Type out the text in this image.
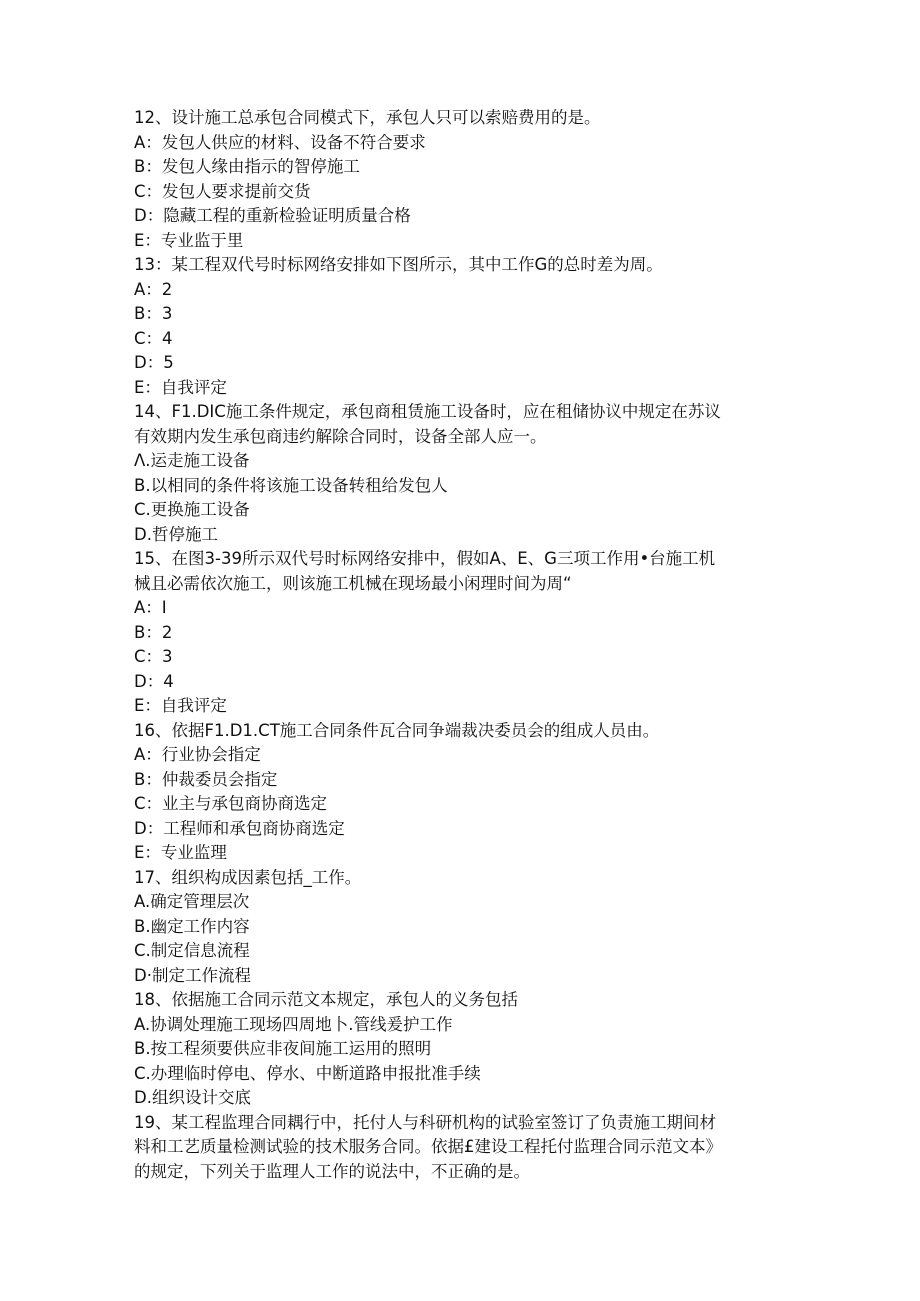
12、设计施工总承包合同模式下，承包人只可以索赔费用的是。
A：发包人供应的材料、设备不符合要求
B：发包人缘由指示的智停施工
C：发包人要求提前交货
D：隐藏工程的重新检验证明质量合格
E：专业监于里
13：某工程双代号时标网络安排如下图所示，其中工作G的总时差为周。
A：2
B：3
C：4
D：5
E：自我评定
14、F1.DIC施工条件规定，承包商租赁施工设备时，应在租储协议中规定在苏议
有效期内发生承包商违约解除合同时，设备全部人应一。
Λ.运走施工设备
B.以相同的条件将该施工设备转租给发包人
C.更换施工设备
D.哲停施工
15、在图3-39所示双代号时标网络安排中，假如A、E、G三项工作用•台施工机
械且必需依次施工，则该施工机械在现场最小闲理时间为周“
A：I
B：2
C：3
D：4
E：自我评定
16、依据F1.D1.CT施工合同条件瓦合同争端裁决委员会的组成人员由。
A：行业协会指定
B：仲裁委员会指定
C：业主与承包商协商选定
D：工程师和承包商协商选定
E：专业监理
17、组织构成因素包括_工作。
A.确定管理层次
B.幽定工作内容
C.制定信息流程
D·制定工作流程
18、依据施工合同示范文本规定，承包人的义务包括
A.协调处理施工现场四周地卜.管线爰护工作
B.按工程须要供应非夜间施工运用的照明
C.办理临时停电、停水、中断道路申报批准手续
D.组织设计交底
19、某工程监理合同耦行中，托付人与科研机构的试验室签订了负责施工期间材
料和工艺质量检测试验的技术服务合同。依据£建设工程托付监理合同示范文本》
的规定，下列关于监理人工作的说法中，不正确的是。
